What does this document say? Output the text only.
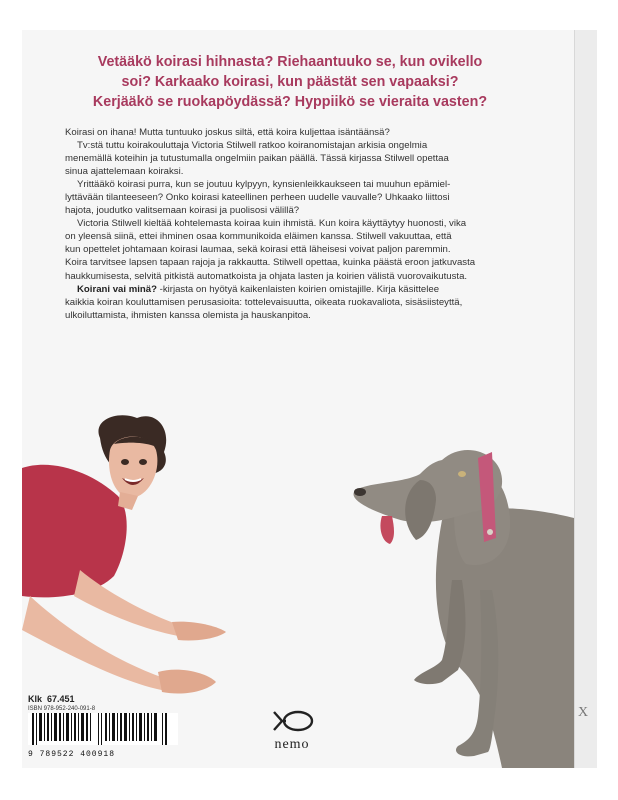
X
Vetääkö koirasi hihnasta? Riehaantuuko se, kun ovikello
soi? Karkaako koirasi, kun päästät sen vapaaksi?
Kerjääkö se ruokapöydässä? Hyppiikö se vieraita vasten?
Koirasi on ihana! Mutta tuntuuko joskus siltä, että koira kuljettaa isäntäänsä?
Tv:stä tuttu koirakouluttaja Victoria Stilwell ratkoo koiranomistajan arkisia ongelmia
menemällä koteihin ja tutustumalla ongelmiin paikan päällä. Tässä kirjassa Stilwell opettaa
sinua ajattelemaan koiraksi.
Yrittääkö koirasi purra, kun se joutuu kylpyyn, kynsienleikkaukseen tai muuhun epämiel-
lyttävään tilanteeseen? Onko koirasi kateellinen perheen uudelle vauvalle? Uhkaako liittosi
hajota, joudutko valitsemaan koirasi ja puolisosi välillä?
Victoria Stilwell kieltää kohtelemasta koiraa kuin ihmistä. Kun koira käyttäytyy huonosti, vika
on yleensä siinä, ettei ihminen osaa kommunikoida eläimen kanssa. Stilwell vakuuttaa, että
kun opettelet johtamaan koirasi laumaa, sekä koirasi että läheisesi voivat paljon paremmin.
Koira tarvitsee lapsen tapaan rajoja ja rakkautta. Stilwell opettaa, kuinka päästä eroon jatkuvasta
haukkumisesta, selvitä pitkistä automatkoista ja ohjata lasten ja koirien välistä vuorovaikutusta.
Koirani vai minä? -kirjasta on hyötyä kaikenlaisten koirien omistajille. Kirja käsittelee
kaikkia koiran kouluttamisen perusasioita: tottelevaisuutta, oikeata ruokavaliota, sisäsiisteyttä,
ulkoiluttamista, ihmisten kanssa olemista ja hauskanpitoa.
Klk 67.451
ISBN 978-952-240-091-8
9 789522 400918
nemo
